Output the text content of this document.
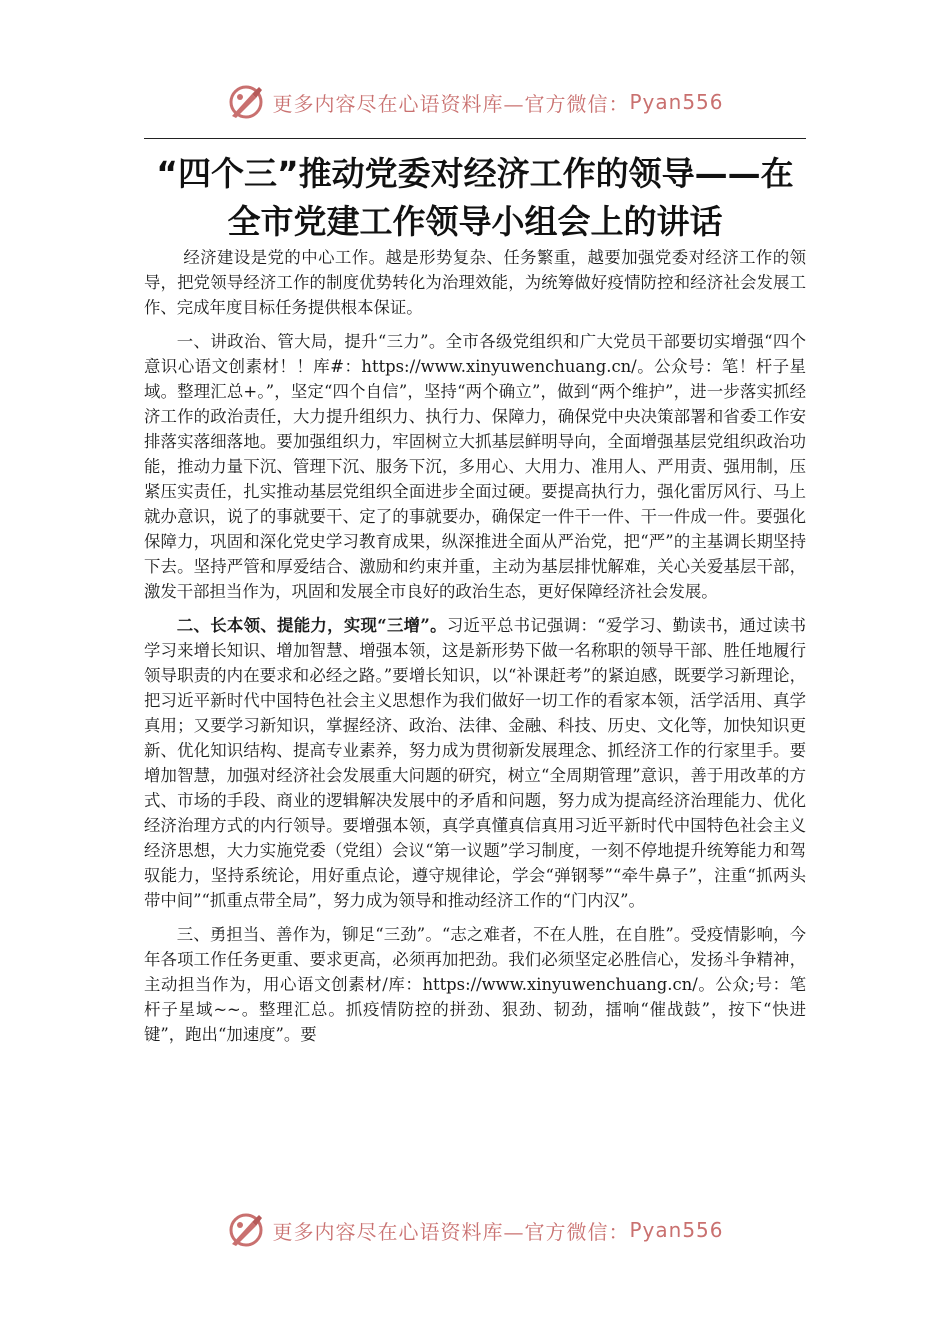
更多内容尽在心语资料库—官方微信： Pyan556
“四个三”推动党委对经济工作的领导——在全市党建工作领导小组会上的讲话

经济建设是党的中心工作。越是形势复杂、任务繁重，越要加强党委对经济工作的领导，把党领导经济工作的制度优势转化为治理效能，为统筹做好疫情防控和经济社会发展工作、完成年度目标任务提供根本保证。

一、讲政治、管大局，提升“三力”。全市各级党组织和广大党员干部要切实增强“四个意识心语文创素材！！库#：https://www.xinyuwenchuang.cn/。公众号：笔！杆子星域。整理汇总+。”，坚定“四个自信”，坚持“两个确立”，做到“两个维护”，进一步落实抓经济工作的政治责任，大力提升组织力、执行力、保障力，确保党中央决策部署和省委工作安排落实落细落地。要加强组织力，牢固树立大抓基层鲜明导向，全面增强基层党组织政治功能，推动力量下沉、管理下沉、服务下沉，多用心、大用力、准用人、严用责、强用制，压紧压实责任，扎实推动基层党组织全面进步全面过硬。要提高执行力，强化雷厉风行、马上就办意识，说了的事就要干、定了的事就要办，确保定一件干一件、干一件成一件。要强化保障力，巩固和深化党史学习教育成果，纵深推进全面从严治党，把“严”的主基调长期坚持下去。坚持严管和厚爱结合、激励和约束并重，主动为基层排忧解难，关心关爱基层干部，激发干部担当作为，巩固和发展全市良好的政治生态，更好保障经济社会发展。

二、长本领、提能力，实现“三增”。习近平总书记强调：“爱学习、勤读书，通过读书学习来增长知识、增加智慧、增强本领，这是新形势下做一名称职的领导干部、胜任地履行领导职责的内在要求和必经之路。”要增长知识，以“补课赶考”的紧迫感，既要学习新理论，把习近平新时代中国特色社会主义思想作为我们做好一切工作的看家本领，活学活用、真学真用；又要学习新知识，掌握经济、政治、法律、金融、科技、历史、文化等，加快知识更新、优化知识结构、提高专业素养，努力成为贯彻新发展理念、抓经济工作的行家里手。要增加智慧，加强对经济社会发展重大问题的研究，树立“全周期管理”意识，善于用改革的方式、市场的手段、商业的逻辑解决发展中的矛盾和问题，努力成为提高经济治理能力、优化经济治理方式的内行领导。要增强本领，真学真懂真信真用习近平新时代中国特色社会主义经济思想，大力实施党委（党组）会议“第一议题”学习制度，一刻不停地提升统筹能力和驾驭能力，坚持系统论，用好重点论，遵守规律论，学会“弹钢琴”“牵牛鼻子”，注重“抓两头带中间”“抓重点带全局”，努力成为领导和推动经济工作的“门内汉”。

三、勇担当、善作为，铆足“三劲”。“志之难者，不在人胜，在自胜”。受疫情影响，今年各项工作任务更重、要求更高，必须再加把劲。我们必须坚定必胜信心，发扬斗争精神，主动担当作为，用心语文创素材/库：https://www.xinyuwenchuang.cn/。公众;号：笔杆子星域~~。整理汇总。抓疫情防控的拼劲、狠劲、韧劲，擂响“催战鼓”，按下“快进键”，跑出“加速度”。要

更多内容尽在心语资料库—官方微信： Pyan556
